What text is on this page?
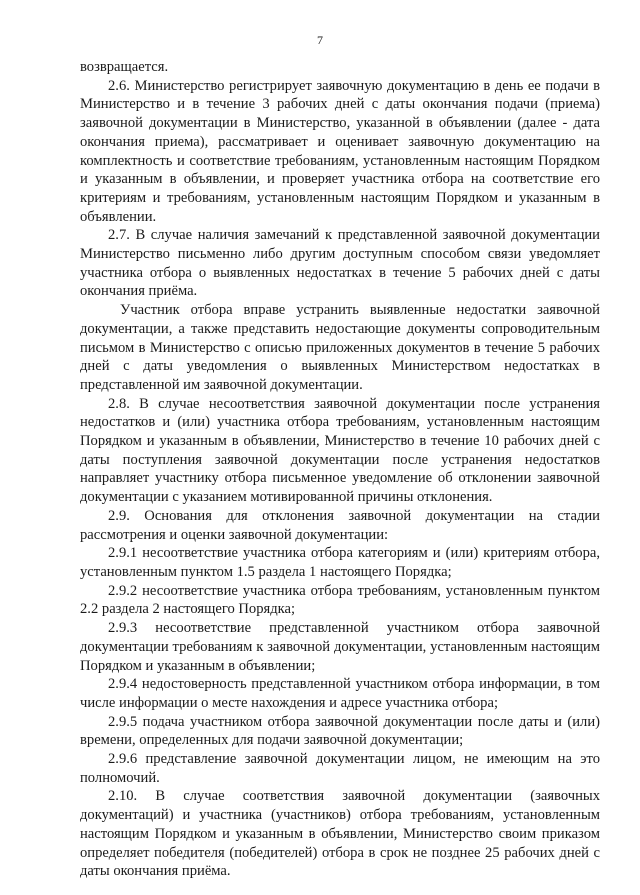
7

возвращается.

2.6. Министерство регистрирует заявочную документацию в день ее подачи в Министерство и в течение 3 рабочих дней с даты окончания подачи (приема) заявочной документации в Министерство, указанной в объявлении (далее - дата окончания приема), рассматривает и оценивает заявочную документацию на комплектность и соответствие требованиям, установленным настоящим Порядком и указанным в объявлении, и проверяет участника отбора на соответствие его критериям и требованиям, установленным настоящим Порядком и указанным в объявлении.

2.7. В случае наличия замечаний к представленной заявочной документации Министерство письменно либо другим доступным способом связи уведомляет участника отбора о выявленных недостатках в течение 5 рабочих дней с даты окончания приёма.

Участник отбора вправе устранить выявленные недостатки заявочной документации, а также представить недостающие документы сопроводительным письмом в Министерство с описью приложенных документов в течение 5 рабочих дней с даты уведомления о выявленных Министерством недостатках в представленной им заявочной документации.

2.8. В случае несоответствия заявочной документации после устранения недостатков и (или) участника отбора требованиям, установленным настоящим Порядком и указанным в объявлении, Министерство в течение 10 рабочих дней с даты поступления заявочной документации после устранения недостатков направляет участнику отбора письменное уведомление об отклонении заявочной документации с указанием мотивированной причины отклонения.

2.9. Основания для отклонения заявочной документации на стадии рассмотрения и оценки заявочной документации:

2.9.1 несоответствие участника отбора категориям и (или) критериям отбора, установленным пунктом 1.5 раздела 1 настоящего Порядка;

2.9.2 несоответствие участника отбора требованиям, установленным пунктом 2.2 раздела 2 настоящего Порядка;

2.9.3 несоответствие представленной участником отбора заявочной документации требованиям к заявочной документации, установленным настоящим Порядком и указанным в объявлении;

2.9.4 недостоверность представленной участником отбора информации, в том числе информации о месте нахождения и адресе участника отбора;

2.9.5 подача участником отбора заявочной документации после даты и (или) времени, определенных для подачи заявочной документации;

2.9.6 представление заявочной документации лицом, не имеющим на это полномочий.

2.10. В случае соответствия заявочной документации (заявочных документаций) и участника (участников) отбора требованиям, установленным настоящим Порядком и указанным в объявлении, Министерство своим приказом определяет победителя (победителей) отбора в срок не позднее 25 рабочих дней с даты окончания приёма.
